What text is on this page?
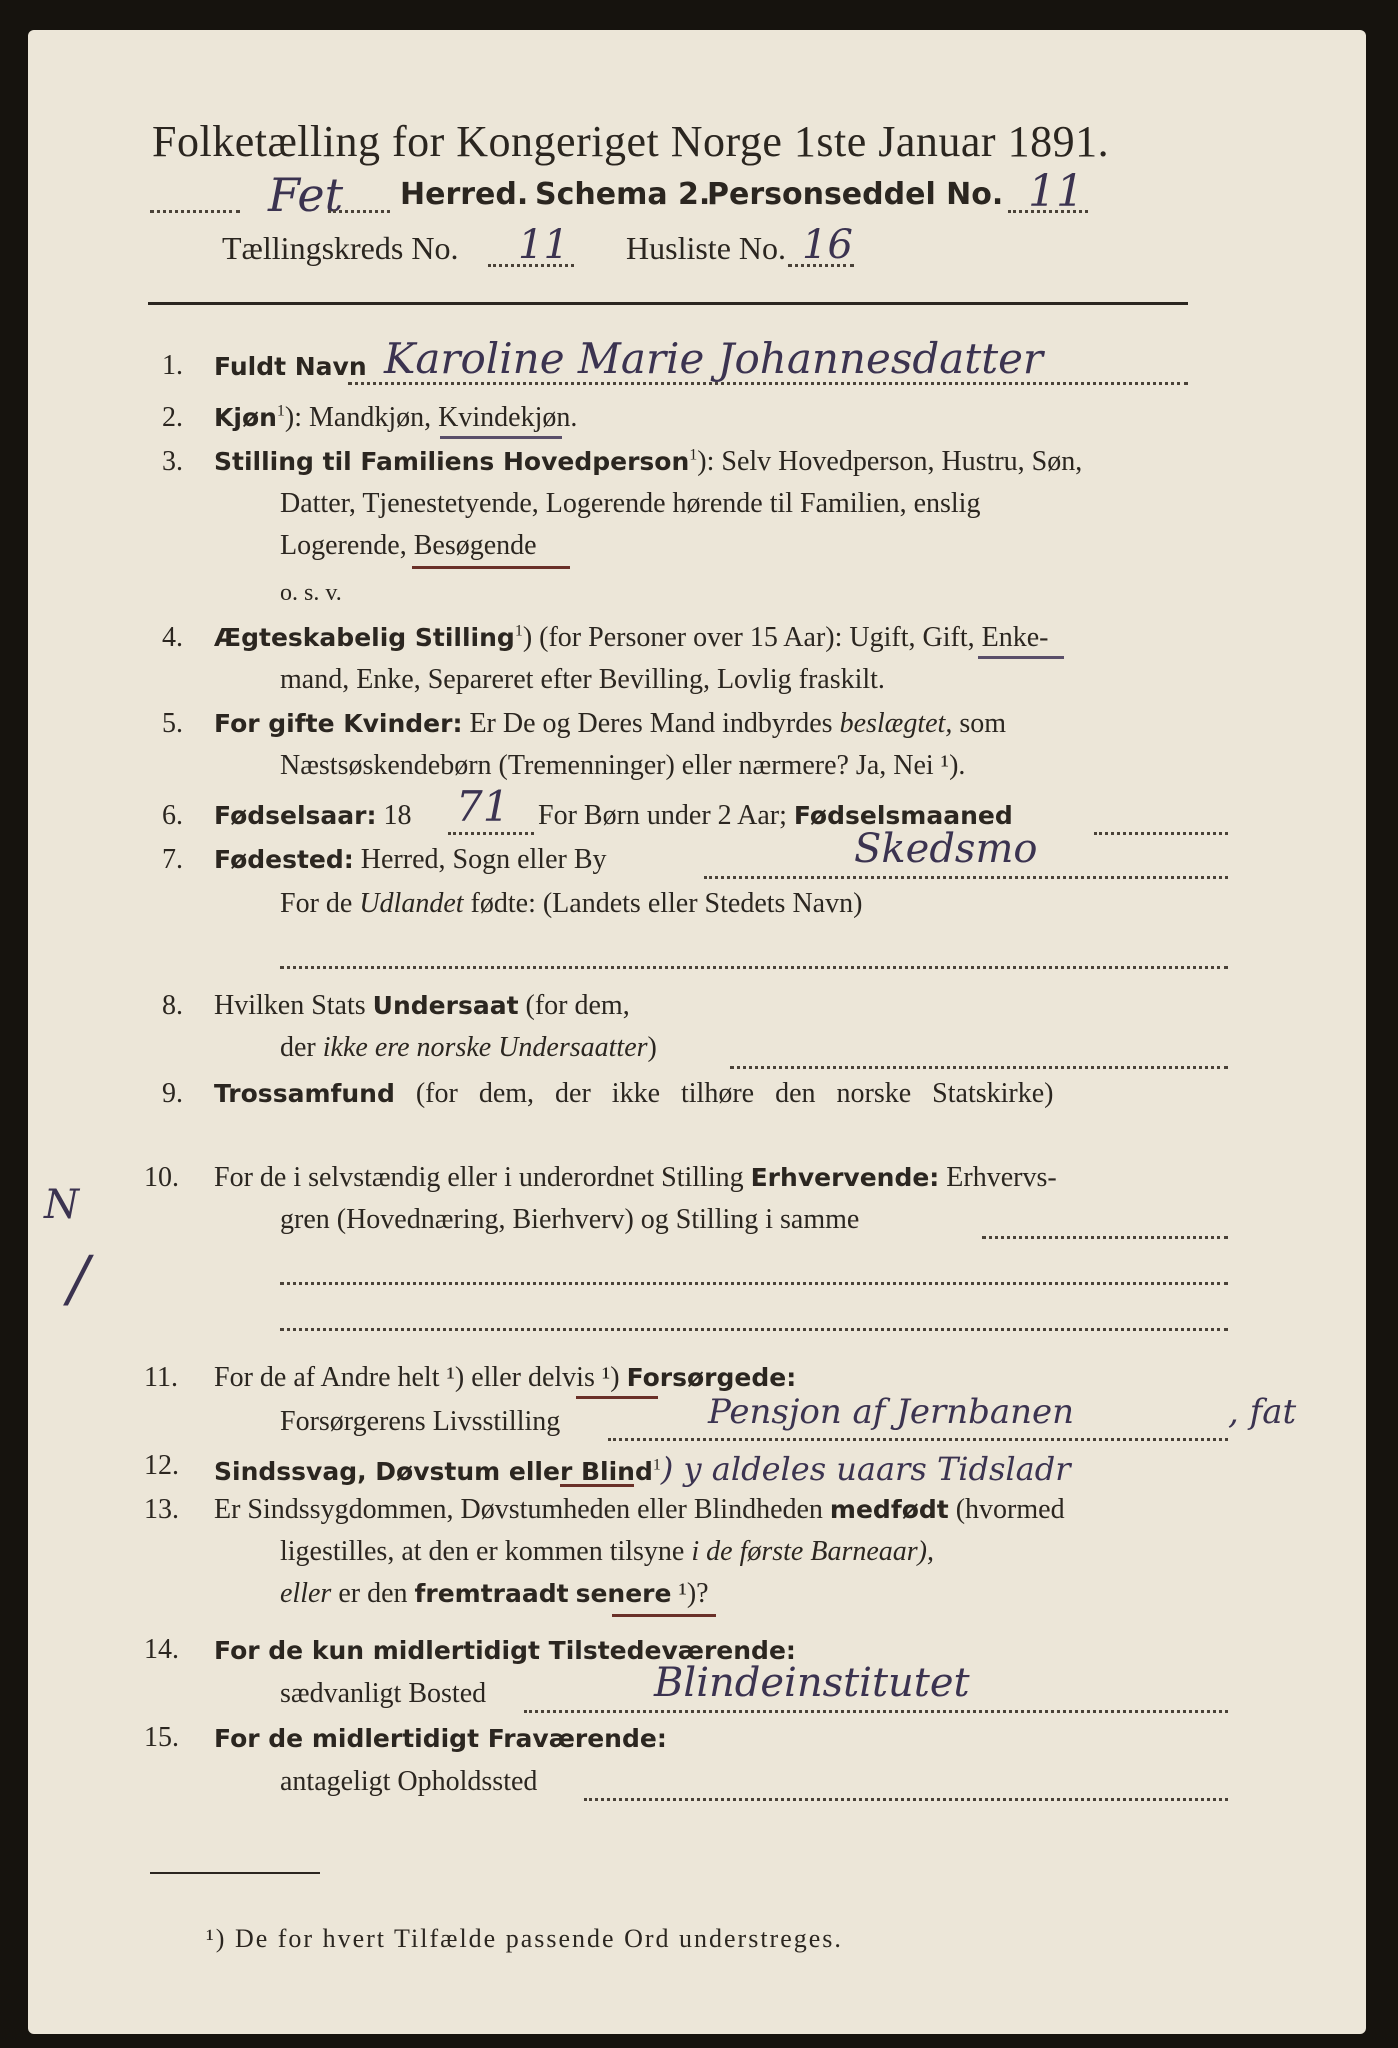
Folketælling for Kongeriget Norge 1ste Januar 1891.
Fet Herred. Schema 2.
Personseddel No. 11
Tællingskreds No. 11 Husliste No. 16
1. Fuldt Navn Karoline Marie Johannesdatter
2. Kjøn$^1$): Mandkjøn, Kvindekjøn.
3. Stilling til Familiens Hovedperson$^1$): Selv Hovedperson, Hustru, Søn,
Datter, Tjenestetyende, Logerende hørende til Familien, enslig
Logerende, Besøgende
o. s. v.
4. Ægteskabelig Stilling$^1$) (for Personer over 15 Aar): Ugift, Gift, Enke-
mand, Enke, Separeret efter Bevilling, Lovlig fraskilt.
5. For gifte Kvinder: Er De og Deres Mand indbyrdes beslægtet, som
Næstsøskendebørn (Tremenninger) eller nærmere? Ja, Nei ¹).
6. Fødselsaar: 18 71 For Børn under 2 Aar; Fødselsmaaned
7. Fødested: Herred, Sogn eller By	Skedsmo
For de Udlandet fødte: (Landets eller Stedets Navn)
8. Hvilken Stats Undersaat (for dem,
der ikke ere norske Undersaatter)
9. Trossamfund (for dem, der ikke tilhøre den norske Statskirke)
10. For de i selvstændig eller i underordnet Stilling Erhvervende: Erhvervs-
gren (Hovednæring, Bierhverv) og Stilling i samme
11. For de af Andre helt ¹) eller delvis ¹) Forsørgede:
Forsørgerens Livsstilling	Pensjon af Jernbanen	, fat
12. Sindssvag, Døvstum eller Blind$^1$) y aldeles uaars Tidsladr
13. Er Sindssygdommen, Døvstumheden eller Blindheden medfødt (hvormed
ligestilles, at den er kommen tilsyne i de første Barneaar),
eller er den fremtraadt senere ¹)?
14. For de kun midlertidigt Tilstedeværende:
sædvanligt Bosted	Blindeinstitutet
15. For de midlertidigt Fraværende:
antageligt Opholdssted
¹) De for hvert Tilfælde passende Ord understreges.
N
/
